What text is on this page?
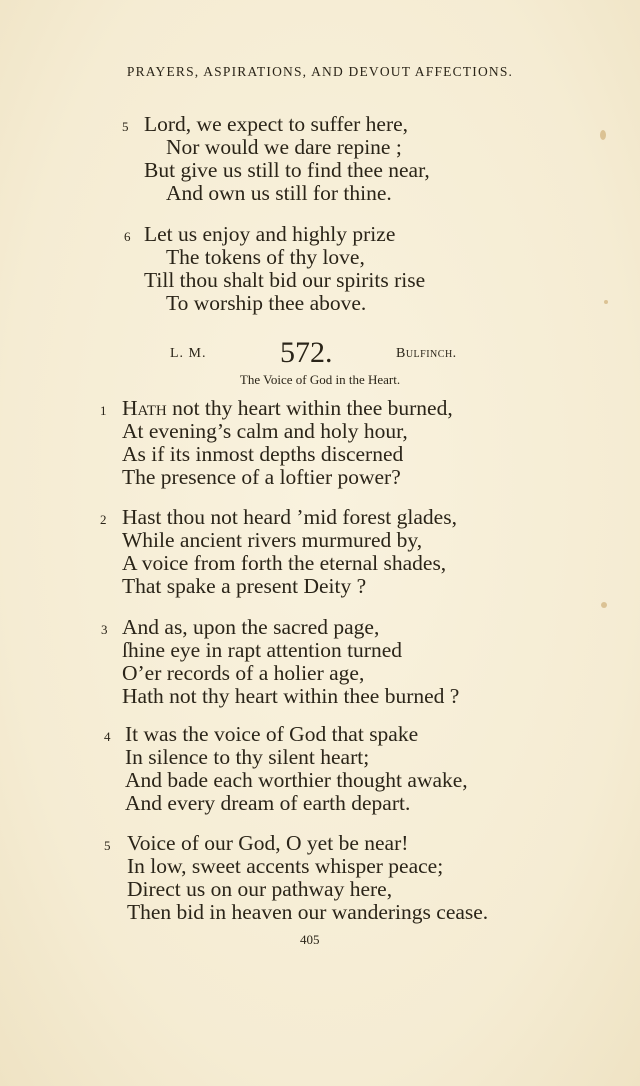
PRAYERS, ASPIRATIONS, AND DEVOUT AFFECTIONS.
5 Lord, we expect to suffer here,
Nor would we dare repine ;
But give us still to find thee near,
And own us still for thine.
6 Let us enjoy and highly prize
The tokens of thy love,
Till thou shalt bid our spirits rise
To worship thee above.
L. M. 572.	Bulfinch.
The Voice of God in the Heart.
1 Hath not thy heart within thee burned,
At evening’s calm and holy hour,
As if its inmost depths discerned
The presence of a loftier power?
2 Hast thou not heard ’mid forest glades,
While ancient rivers murmured by,
A voice from forth the eternal shades,
That spake a present Deity ?
3 And as, upon the sacred page,
ſhine eye in rapt attention turned
O’er records of a holier age,
Hath not thy heart within thee burned ?
4 It was the voice of God that spake
In silence to thy silent heart;
And bade each worthier thought awake,
And every dream of earth depart.
5 Voice of our God, O yet be near!
In low, sweet accents whisper peace;
Direct us on our pathway here,
Then bid in heaven our wanderings cease.
405
